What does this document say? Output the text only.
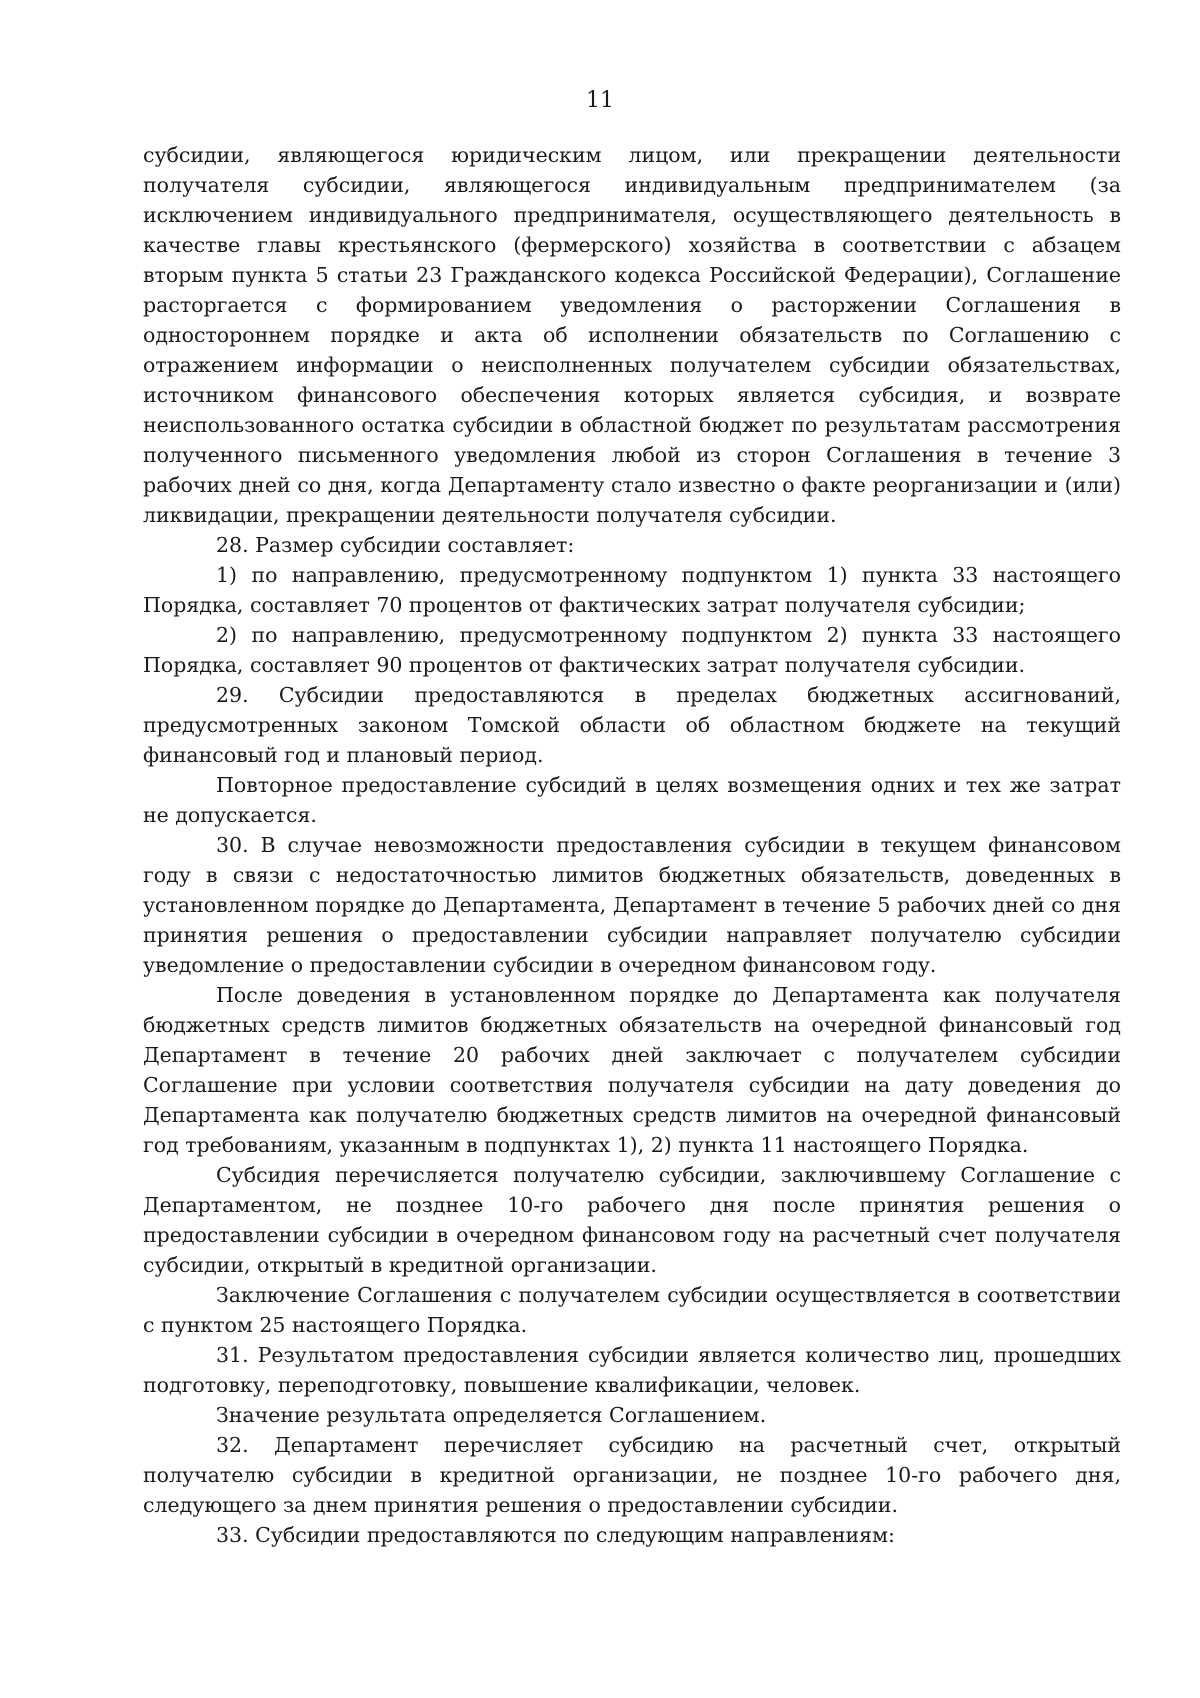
11

субсидии, являющегося юридическим лицом, или прекращении деятельности получателя субсидии, являющегося индивидуальным предпринимателем (за исключением индивидуального предпринимателя, осуществляющего деятельность в качестве главы крестьянского (фермерского) хозяйства в соответствии с абзацем вторым пункта 5 статьи 23 Гражданского кодекса Российской Федерации), Соглашение расторгается с формированием уведомления о расторжении Соглашения в одностороннем порядке и акта об исполнении обязательств по Соглашению с отражением информации о неисполненных получателем субсидии обязательствах, источником финансового обеспечения которых является субсидия, и возврате неиспользованного остатка субсидии в областной бюджет по результатам рассмотрения полученного письменного уведомления любой из сторон Соглашения в течение 3 рабочих дней со дня, когда Департаменту стало известно о факте реорганизации и (или) ликвидации, прекращении деятельности получателя субсидии.

28. Размер субсидии составляет:

1) по направлению, предусмотренному подпунктом 1) пункта 33 настоящего Порядка, составляет 70 процентов от фактических затрат получателя субсидии;

2) по направлению, предусмотренному подпунктом 2) пункта 33 настоящего Порядка, составляет 90 процентов от фактических затрат получателя субсидии.

29. Субсидии предоставляются в пределах бюджетных ассигнований, предусмотренных законом Томской области об областном бюджете на текущий финансовый год и плановый период.

Повторное предоставление субсидий в целях возмещения одних и тех же затрат не допускается.

30. В случае невозможности предоставления субсидии в текущем финансовом году в связи с недостаточностью лимитов бюджетных обязательств, доведенных в установленном порядке до Департамента, Департамент в течение 5 рабочих дней со дня принятия решения о предоставлении субсидии направляет получателю субсидии уведомление о предоставлении субсидии в очередном финансовом году.

После доведения в установленном порядке до Департамента как получателя бюджетных средств лимитов бюджетных обязательств на очередной финансовый год Департамент в течение 20 рабочих дней заключает с получателем субсидии Соглашение при условии соответствия получателя субсидии на дату доведения до Департамента как получателю бюджетных средств лимитов на очередной финансовый год требованиям, указанным в подпунктах 1), 2) пункта 11 настоящего Порядка.

Субсидия перечисляется получателю субсидии, заключившему Соглашение с Департаментом, не позднее 10-го рабочего дня после принятия решения о предоставлении субсидии в очередном финансовом году на расчетный счет получателя субсидии, открытый в кредитной организации.

Заключение Соглашения с получателем субсидии осуществляется в соответствии с пунктом 25 настоящего Порядка.

31. Результатом предоставления субсидии является количество лиц, прошедших подготовку, переподготовку, повышение квалификации, человек.

Значение результата определяется Соглашением.

32. Департамент перечисляет субсидию на расчетный счет, открытый получателю субсидии в кредитной организации, не позднее 10-го рабочего дня, следующего за днем принятия решения о предоставлении субсидии.

33. Субсидии предоставляются по следующим направлениям:
